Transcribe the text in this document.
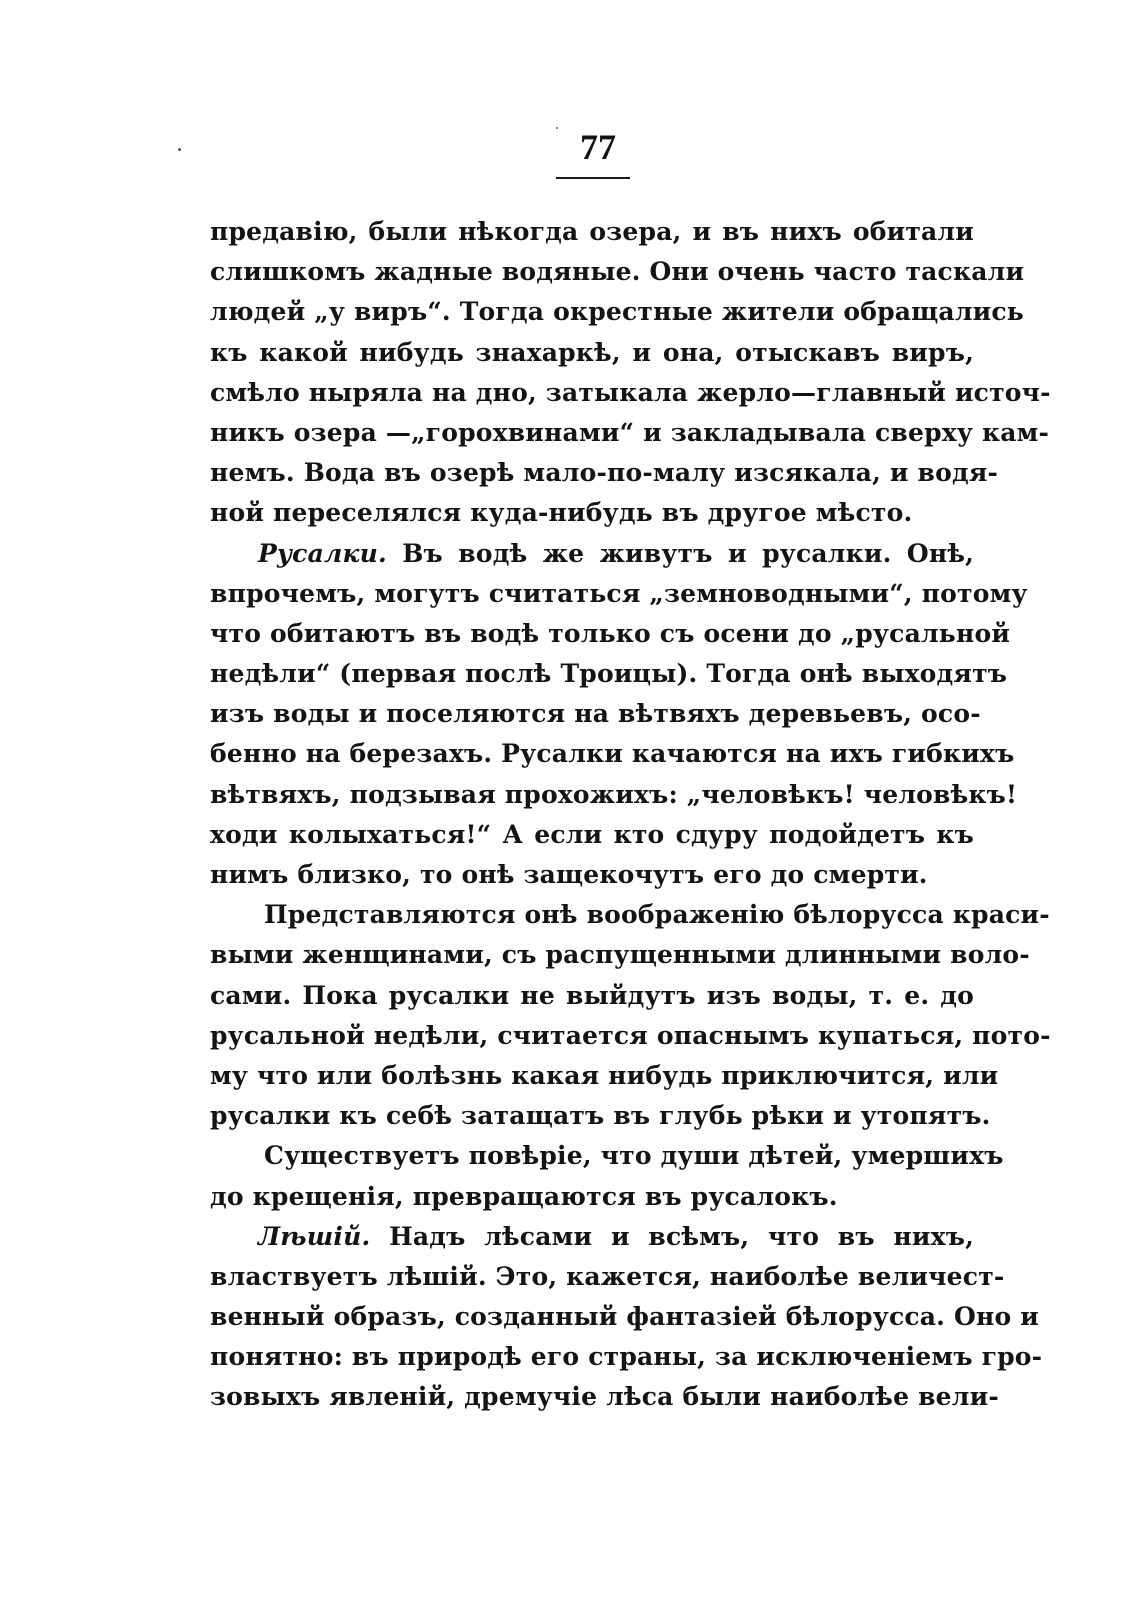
77
предавію, были нѣкогда озера, и въ нихъ обитали
слишкомъ жадные водяные. Они очень часто таскали
людей „у виръ“. Тогда окрестные жители обращались
къ какой нибудь знахаркѣ, и она, отыскавъ виръ,
смѣло ныряла на дно, затыкала жерло—главный источ-
никъ озера —„горохвинами“ и закладывала сверху кам-
немъ. Вода въ озерѣ мало-по-малу изсякала, и водя-
ной переселялся куда-нибудь въ другое мѣсто.
Русалки. Въ водѣ же живутъ и русалки. Онѣ,
впрочемъ, могутъ считаться „земноводными“, потому
что обитаютъ въ водѣ только съ осени до „русальной
недѣли“ (первая послѣ Троицы). Тогда онѣ выходятъ
изъ воды и поселяются на вѣтвяхъ деревьевъ, осо-
бенно на березахъ. Русалки качаются на ихъ гибкихъ
вѣтвяхъ, подзывая прохожихъ: „человѣкъ! человѣкъ!
ходи колыхаться!“ А если кто сдуру подойдетъ къ
нимъ близко, то онѣ защекочутъ его до смерти.
Представляются онѣ воображенію бѣлорусса краси-
выми женщинами, съ распущенными длинными воло-
сами. Пока русалки не выйдутъ изъ воды, т. е. до
русальной недѣли, считается опаснымъ купаться, пото-
му что или болѣзнь какая нибудь приключится, или
русалки къ себѣ затащатъ въ глубь рѣки и утопятъ.
Существуетъ повѣріе, что души дѣтей, умершихъ
до крещенія, превращаются въ русалокъ.
Лѣшій. Надъ лѣсами и всѣмъ, что въ нихъ,
властвуетъ лѣшій. Это, кажется, наиболѣе величест-
венный образъ, созданный фантазіей бѣлорусса. Оно и
понятно: въ природѣ его страны, за исключеніемъ гро-
зовыхъ явленій, дремучіе лѣса были наиболѣе вели-
